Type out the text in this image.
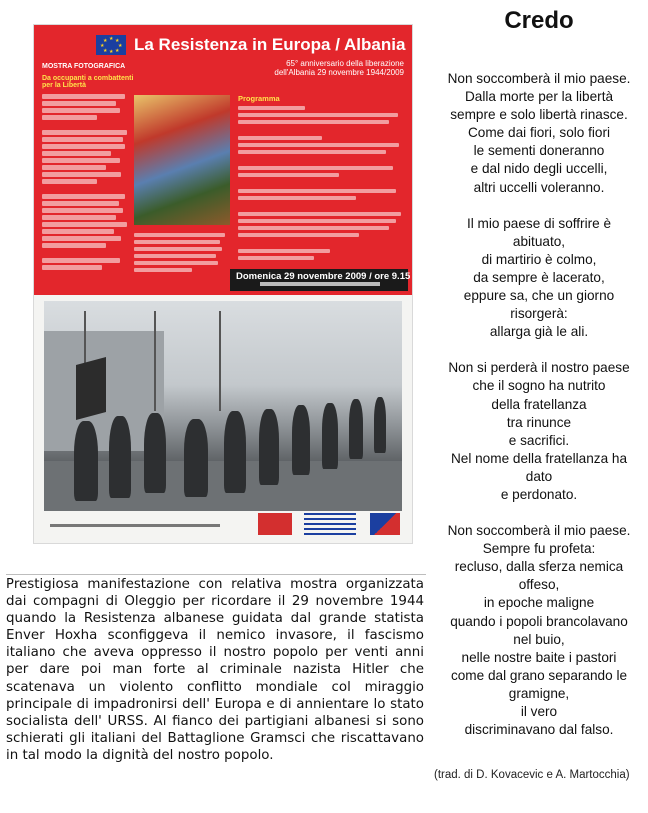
★ ★
★
★
★
★
★
★ La Resistenza in Europa / Albania
65° anniversario della liberazione dell'Albania 29 novembre 1944/2009
MOSTRA FOTOGRAFICA
Da occupanti a combattenti per la Libertà
Programma
Domenica 29 novembre 2009 / ore 9.15
Prestigiosa manifestazione con relativa mostra organizzata dai compagni di Oleggio per ricordare il 29 novembre 1944 quando la Resistenza albanese guidata dal grande statista Enver Hoxha sconfiggeva il nemico invasore, il fascismo italiano che aveva oppresso il nostro popolo per venti anni per dare poi man forte al criminale nazista Hitler che scatenava un violento conflitto mondiale col miraggio principale di impadronirsi dell' Europa e di annientare lo stato socialista dell' URSS. Al fianco dei partigiani albanesi si sono schierati gli italiani del Battaglione Gramsci che riscattavano in tal modo la dignità del nostro popolo.
Credo
Non soccomberà il mio paese.
Dalla morte per la libertà
sempre e solo libertà rinasce.
Come dai fiori, solo fiori
le sementi doneranno
e dal nido degli uccelli,
altri uccelli voleranno.
Il mio paese di soffrire è
abituato,
di martirio è colmo,
da sempre è lacerato,
eppure sa, che un giorno
risorgerà:
allarga già le ali.
Non si perderà il nostro paese
che il sogno ha nutrito
della fratellanza
tra rinunce
e sacrifici.
Nel nome della fratellanza ha
dato
e perdonato.
Non soccomberà il mio paese.
Sempre fu profeta:
recluso, dalla sferza nemica
offeso,
in epoche maligne
quando i popoli brancolavano
nel buio,
nelle nostre baite i pastori
come dal grano separando le
gramigne,
il vero
discriminavano dal falso.
(trad. di D. Kovacevic e A. Martocchia)
